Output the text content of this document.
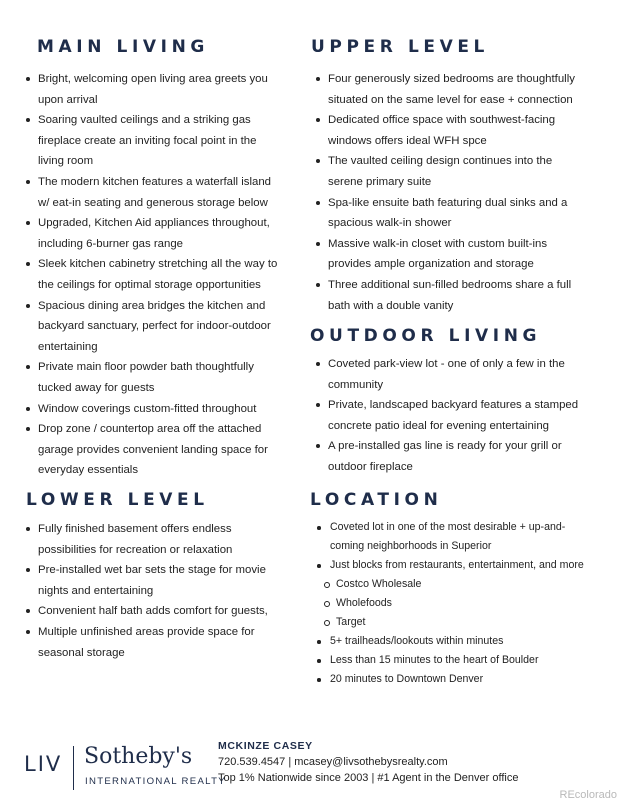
MAIN LIVING
Bright, welcoming open living area greets you
upon arrival
Soaring vaulted ceilings and a striking gas
fireplace create an inviting focal point in the
living room
The modern kitchen features a waterfall island
w/ eat-in seating and generous storage below
Upgraded, Kitchen Aid appliances throughout,
including 6-burner gas range
Sleek kitchen cabinetry stretching all the way to
the ceilings for optimal storage opportunities
Spacious dining area bridges the kitchen and
backyard sanctuary, perfect for indoor-outdoor
entertaining
Private main floor powder bath thoughtfully
tucked away for guests
Window coverings custom-fitted throughout
Drop zone / countertop area off the attached
garage provides convenient landing space for
everyday essentials
UPPER LEVEL
Four generously sized bedrooms are thoughtfully
situated on the same level for ease + connection
Dedicated office space with southwest-facing
windows offers ideal WFH spce
The vaulted ceiling design continues into the
serene primary suite
Spa-like ensuite bath featuring dual sinks and a
spacious walk-in shower
Massive walk-in closet with custom built-ins
provides ample organization and storage
Three additional sun-filled bedrooms share a full
bath with a double vanity
OUTDOOR LIVING
Coveted park-view lot - one of only a few in the
community
Private, landscaped backyard features a stamped
concrete patio ideal for evening entertaining
A pre-installed gas line is ready for your grill or
outdoor fireplace
LOWER LEVEL
Fully finished basement offers endless
possibilities for recreation or relaxation
Pre-installed wet bar sets the stage for movie
nights and entertaining
Convenient half bath adds comfort for guests,
Multiple unfinished areas provide space for
seasonal storage
LOCATION
Coveted lot in one of the most desirable + up-and-
coming neighborhoods in Superior
Just blocks from restaurants, entertainment, and more
Costco Wholesale
Wholefoods
Target
5+ trailheads/lookouts within minutes
Less than 15 minutes to the heart of Boulder
20 minutes to Downtown Denver
LIV Sotheby's
INTERNATIONAL REALTY
MCKINZE CASEY
720.539.4547 | mcasey@livsothebysrealty.com
Top 1% Nationwide since 2003 | #1 Agent in the Denver office
REcolorado
